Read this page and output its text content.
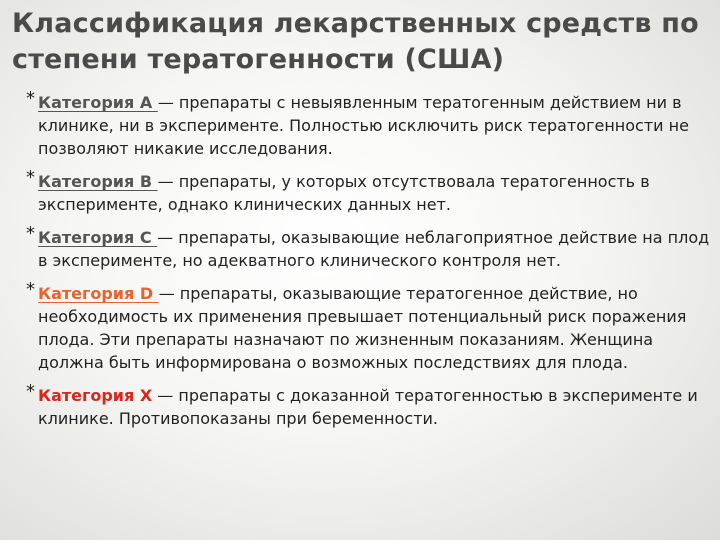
Классификация лекарственных средств по степени тератогенности (США)
* Категория А — препараты с невыявленным тератогенным действием ни в клинике, ни в эксперименте. Полностью исключить риск тератогенности не позволяют никакие исследования.
* Категория В — препараты, у которых отсутствовала тератогенность в эксперименте, однако клинических данных нет.
* Категория С — препараты, оказывающие неблагоприятное действие на плод в эксперименте, но адекватного клинического контроля нет.
* Категория D — препараты, оказывающие тератогенное действие, но необходимость их применения превышает потенциальный риск поражения плода. Эти препараты назначают по жизненным показаниям. Женщина должна быть информирована о возможных последствиях для плода.
* Категория Х — препараты с доказанной тератогенностью в эксперименте и клинике. Противопоказаны при беременности.
